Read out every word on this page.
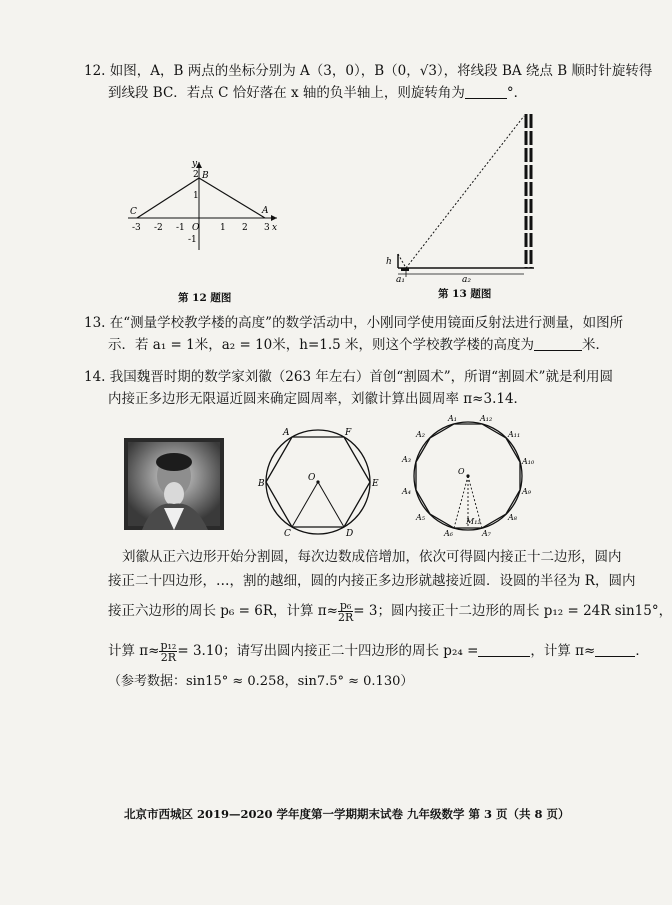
12. 如图，A，B 两点的坐标分别为 A（3，0），B（0，√3），将线段 BA 绕点 B 顺时针旋转得
到线段 BC．若点 C 恰好落在 x 轴的负半轴上，则旋转角为	°．
x
y
O
A
B
C
-3 -2 -1	1 2 3
2
1
-1
第 12 题图
h
a₁	a₂
第 13 题图
13. 在“测量学校教学楼的高度”的数学活动中，小刚同学使用镜面反射法进行测量，如图所
示．若 a₁ = 1米，a₂ = 10米，h=1.5 米，则这个学校教学楼的高度为	米．
14. 我国魏晋时期的数学家刘徽（263 年左右）首创“割圆术”，所谓“割圆术”就是利用圆
内接正多边形无限逼近圆来确定圆周率，刘徽计算出圆周率 π≈3.14．
A	F
B	E
C	D
O
A₁	A₁₂
A₁₁
A₁₀
A₉
A₈
A₇
A₆
A₅
A₄
A₃
A₂
O
M₁₂
刘徽从正六边形开始分割圆，每次边数成倍增加，依次可得圆内接正十二边形，圆内
接正二十四边形，…，割的越细，圆的内接正多边形就越接近圆．设圆的半径为 R，圆内
接正六边形的周长 p₆ = 6R，计算 $\pi\approx \frac{\text{p₆}}{2R} = 3$；圆内接正十二边形的周长 p₁₂ = 24R sin15°，
计算 $\pi\approx \frac{\text{p₁₂}}{2R} = 3.10$；请写出圆内接正二十四边形的周长 p₂₄ =	，计算 π≈	．
（参考数据：sin15° ≈ 0.258，sin7.5° ≈ 0.130）
北京市西城区 2019—2020 学年度第一学期期末试卷 九年级数学 第 3 页（共 8 页）
